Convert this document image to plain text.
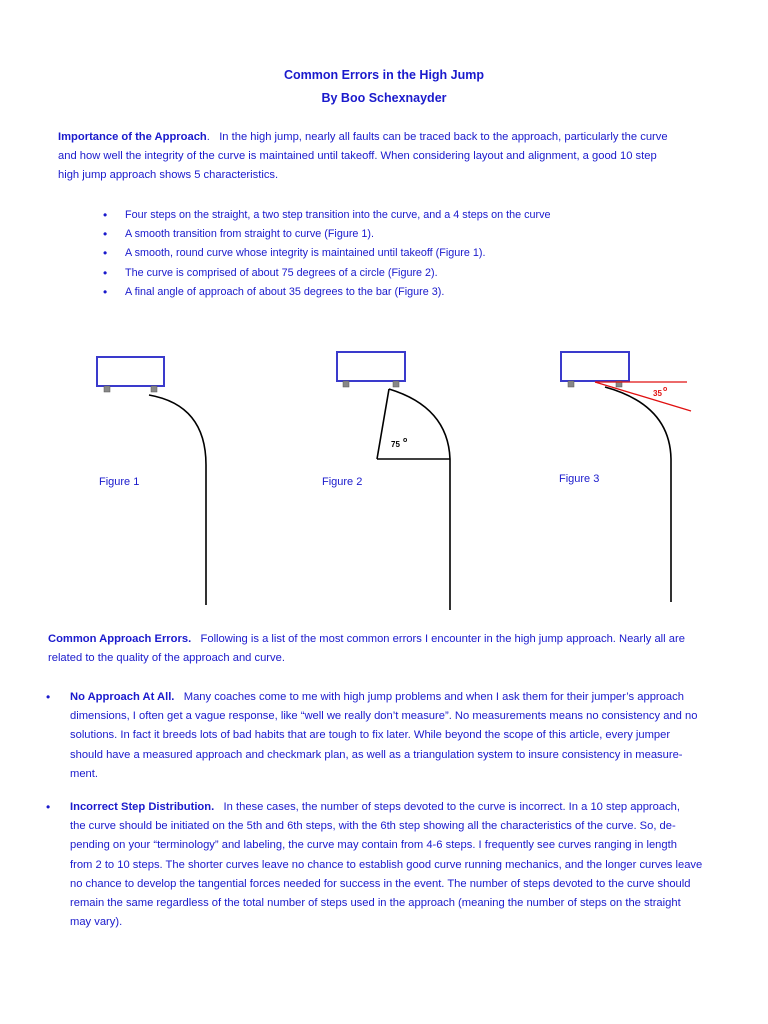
Common Errors in the High Jump
By Boo Schexnayder
Importance of the Approach. In the high jump, nearly all faults can be traced back to the approach, particularly the curve
and how well the integrity of the curve is maintained until takeoff. When considering layout and alignment, a good 10 step
high jump approach shows 5 characteristics.
• Four steps on the straight, a two step transition into the curve, and a 4 steps on the curve
• A smooth transition from straight to curve (Figure 1).
• A smooth, round curve whose integrity is maintained until takeoff (Figure 1).
• The curve is comprised of about 75 degrees of a circle (Figure 2).
• A final angle of approach of about 35 degrees to the bar (Figure 3).
Figure 1
75 o
Figure 2
35 o
Figure 3
Common Approach Errors. Following is a list of the most common errors I encounter in the high jump approach. Nearly all are
related to the quality of the approach and curve.
• No Approach At All. Many coaches come to me with high jump problems and when I ask them for their jumper’s approach
dimensions, I often get a vague response, like “well we really don’t measure”. No measurements means no consistency and no
solutions. In fact it breeds lots of bad habits that are tough to fix later. While beyond the scope of this article, every jumper
should have a measured approach and checkmark plan, as well as a triangulation system to insure consistency in measure-
ment.
• Incorrect Step Distribution. In these cases, the number of steps devoted to the curve is incorrect. In a 10 step approach,
the curve should be initiated on the 5th and 6th steps, with the 6th step showing all the characteristics of the curve. So, de-
pending on your “terminology” and labeling, the curve may contain from 4-6 steps. I frequently see curves ranging in length
from 2 to 10 steps. The shorter curves leave no chance to establish good curve running mechanics, and the longer curves leave
no chance to develop the tangential forces needed for success in the event. The number of steps devoted to the curve should
remain the same regardless of the total number of steps used in the approach (meaning the number of steps on the straight
may vary).
